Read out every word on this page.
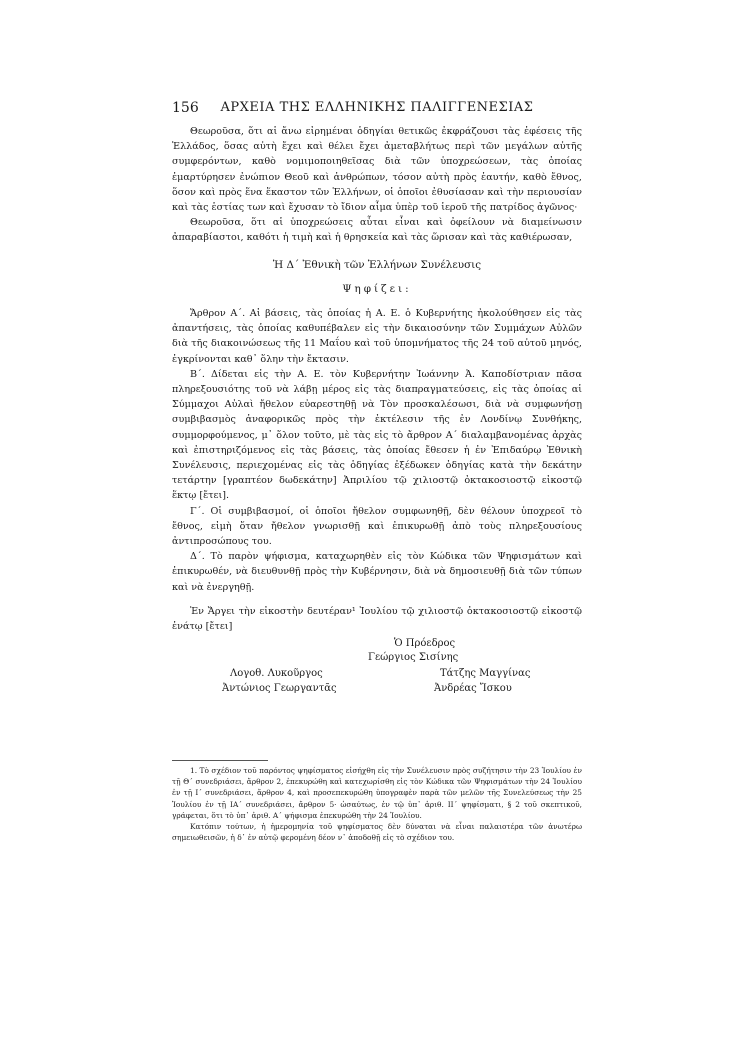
156	ΑΡΧΕΙΑ ΤΗΣ ΕΛΛΗΝΙΚΗΣ ΠΑΛΙΓΓΕΝΕΣΙΑΣ

Θεωροῦσα, ὅτι αἱ ἄνω εἰρημέναι ὁδηγίαι θετικῶς ἐκφράζουσι τὰς ἐφέσεις τῆς Ἑλλάδος, ὅσας αὐτὴ ἔχει καὶ θέλει ἔχει ἀμεταβλήτως περὶ τῶν μεγάλων αὐτῆς συμφερόντων, καθὸ νομιμοποιηθεῖσας διὰ τῶν ὑποχρεώσεων, τὰς ὁποίας ἐμαρτύρησεν ἐνώπιον Θεοῦ καὶ ἀνθρώπων, τόσον αὐτὴ πρὸς ἑαυτήν, καθὸ ἔθνος, ὅσον καὶ πρὸς ἕνα ἕκαστον τῶν Ἑλλήνων, οἱ ὁποῖοι ἐθυσίασαν καὶ τὴν περιουσίαν καὶ τὰς ἑστίας των καὶ ἔχυσαν τὸ ἴδιον αἷμα ὑπὲρ τοῦ ἱεροῦ τῆς πατρίδος ἀγῶνος·

Θεωροῦσα, ὅτι αἱ ὑποχρεώσεις αὗται εἶναι καὶ ὀφείλουν νὰ διαμείνωσιν ἀπαραβίαστοι, καθότι ἡ τιμὴ καὶ ἡ θρησκεία καὶ τὰς ὥρισαν καὶ τὰς καθιέρωσαν,

Ἡ Δ΄ Ἐθνικὴ τῶν Ἑλλήνων Συνέλευσις

Ψηφίζει:

Ἄρθρον Α΄. Αἱ βάσεις, τὰς ὁποίας ἡ Α. Ε. ὁ Κυβερνήτης ἠκολούθησεν εἰς τὰς ἀπαντήσεις, τὰς ὁποίας καθυπέβαλεν εἰς τὴν δικαιοσύνην τῶν Συμμάχων Αὐλῶν διὰ τῆς διακοινώσεως τῆς 11 Μαΐου καὶ τοῦ ὑπομνήματος τῆς 24 τοῦ αὐτοῦ μηνός, ἐγκρίνονται καθ᾽ ὅλην τὴν ἔκτασιν.

Β΄. Δίδεται εἰς τὴν Α. Ε. τὸν Κυβερνήτην Ἰωάννην Ἀ. Καποδίστριαν πᾶσα πληρεξουσιότης τοῦ νὰ λάβῃ μέρος εἰς τὰς διαπραγματεύσεις, εἰς τὰς ὁποίας αἱ Σύμμαχοι Αὐλαὶ ἤθελον εὐαρεστηθῇ νὰ Τὸν προσκαλέσωσι, διὰ νὰ συμφωνήσῃ συμβιβασμὸς ἀναφορικῶς πρὸς τὴν ἐκτέλεσιν τῆς ἐν Λονδίνῳ Συνθήκης, συμμορφούμενος, μ᾽ ὅλον τοῦτο, μὲ τὰς εἰς τὸ ἄρθρον Α΄ διαλαμβανομένας ἀρχὰς καὶ ἐπιστηριζόμενος εἰς τὰς βάσεις, τὰς ὁποίας ἔθεσεν ἡ ἐν Ἐπιδαύρῳ Ἐθνικὴ Συνέλευσις, περιεχομένας εἰς τὰς ὁδηγίας ἐξέδωκεν ὁδηγίας κατὰ τὴν δεκάτην τετάρτην [γραπτέον δωδεκάτην] Ἀπριλίου τῷ χιλιοστῷ ὀκτακοσιοστῷ εἰκοστῷ ἕκτῳ [ἔτει].

Γ΄. Οἱ συμβιβασμοί, οἱ ὁποῖοι ἤθελον συμφωνηθῇ, δὲν θέλουν ὑποχρεοῖ τὸ ἔθνος, εἰμὴ ὅταν ἤθελον γνωρισθῇ καὶ ἐπικυρωθῇ ἀπὸ τοὺς πληρεξουσίους ἀντιπροσώπους του.

Δ΄. Τὸ παρὸν ψήφισμα, καταχωρηθὲν εἰς τὸν Κώδικα τῶν Ψηφισμάτων καὶ ἐπικυρωθέν, νὰ διευθυνθῇ πρὸς τὴν Κυβέρνησιν, διὰ νὰ δημοσιευθῇ διὰ τῶν τύπων καὶ νὰ ἐνεργηθῇ.

Ἐν Ἄργει τὴν εἰκοστὴν δευτέραν¹ Ἰουλίου τῷ χιλιοστῷ ὀκτακοσιοστῷ εἰκοστῷ ἐνάτῳ [ἔτει]

Ὁ Πρόεδρος
Γεώργιος Σισίνης
Λογοθ. Λυκοῦργος
Ἀντώνιος Γεωργαντᾶς
Τάτζης Μαγγίνας
Ἀνδρέας Ἴσκου

1. Τὸ σχέδιον τοῦ παρόντος ψηφίσματος εἰσήχθη εἰς τὴν Συνέλευσιν πρὸς συζήτησιν τὴν 23 Ἰουλίου ἐν τῇ Θ΄ συνεδριάσει, ἄρθρον 2, ἐπεκυρώθη καὶ κατεχωρίσθη εἰς τὸν Κώδικα τῶν Ψηφισμάτων τὴν 24 Ἰουλίου ἐν τῇ Ι΄ συνεδριάσει, ἄρθρον 4, καὶ προσεπεκυρώθη ὑπογραφὲν παρὰ τῶν μελῶν τῆς Συνελεύσεως τὴν 25 Ἰουλίου ἐν τῇ ΙΑ΄ συνεδριάσει, ἄρθρον 5· ὡσαύτως, ἐν τῷ ὑπ᾽ ἀριθ. ΙΙ΄ ψηφίσματι, § 2 τοῦ σκεπτικοῦ, γράφεται, ὅτι τὸ ὑπ᾽ ἀριθ. Α΄ ψήφισμα ἐπεκυρώθη τὴν 24 Ἰουλίου.

Κατόπιν τούτων, ἡ ἡμερομηνία τοῦ ψηφίσματος δὲν δύναται νὰ εἶναι παλαιοτέρα τῶν ἀνωτέρω σημειωθεισῶν, ἡ δ᾽ ἐν αὐτῷ φερομένη δέον ν᾽ ἀποδοθῇ εἰς τὸ σχέδιον του.
